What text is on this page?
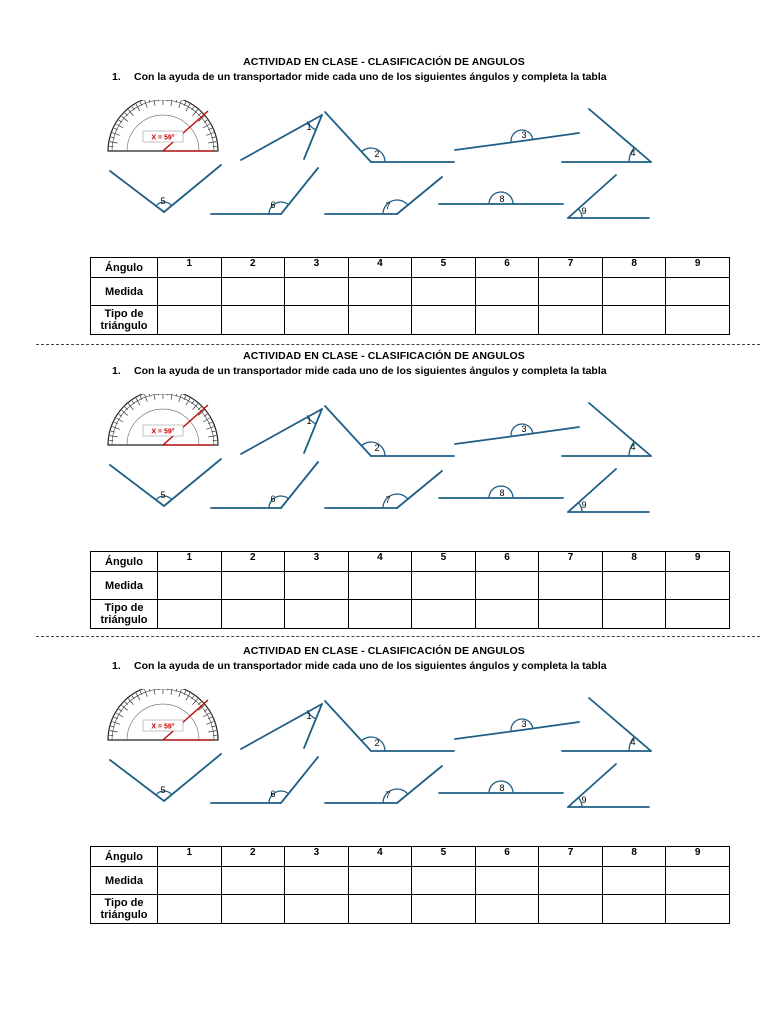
ACTIVIDAD EN CLASE - CLASIFICACIÓN DE ANGULOS
1. Con la ayuda de un transportador mide cada uno de los siguientes ángulos y completa la tabla
X = 59°
1
2
3
4
5	6	7
8
9
Ángulo	1	2	3	4	5	6	7	8	9
Medida									
Tipo de triángulo									
ACTIVIDAD EN CLASE - CLASIFICACIÓN DE ANGULOS
1. Con la ayuda de un transportador mide cada uno de los siguientes ángulos y completa la tabla
X = 59°
1
2
3
4
5	6	7
8
9
Ángulo	1	2	3	4	5	6	7	8	9
Medida									
Tipo de triángulo									
ACTIVIDAD EN CLASE - CLASIFICACIÓN DE ANGULOS
1. Con la ayuda de un transportador mide cada uno de los siguientes ángulos y completa la tabla
X = 59°
1
2
3
4
5	6	7
8
9
Ángulo	1	2	3	4	5	6	7	8	9
Medida									
Tipo de triángulo									
